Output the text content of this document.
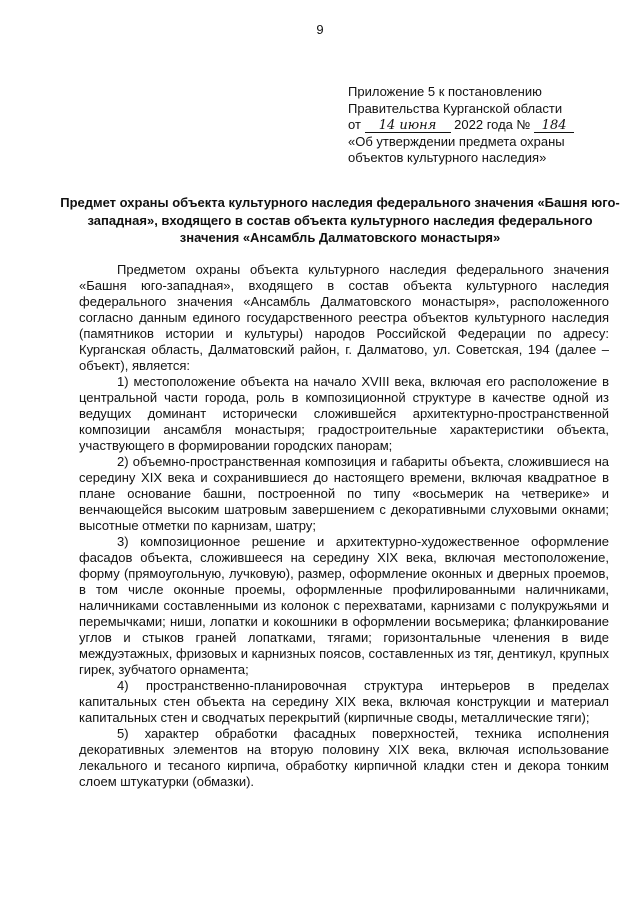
9
Приложение 5 к постановлению
Правительства Курганской области
от 14 июня 2022 года № 184
«Об утверждении предмета охраны
объектов культурного наследия»
Предмет охраны объекта культурного наследия федерального значения «Башня юго-западная», входящего в состав объекта культурного наследия федерального значения «Ансамбль Далматовского монастыря»

Предметом охраны объекта культурного наследия федерального значения «Башня юго-западная», входящего в состав объекта культурного наследия федерального значения «Ансамбль Далматовского монастыря», расположенного согласно данным единого государственного реестра объектов культурного наследия (памятников истории и культуры) народов Российской Федерации по адресу: Курганская область, Далматовский район, г. Далматово, ул. Советская, 194 (далее – объект), является:

1) местоположение объекта на начало XVIII века, включая его расположение в центральной части города, роль в композиционной структуре в качестве одной из ведущих доминант исторически сложившейся архитектурно-пространственной композиции ансамбля монастыря; градостроительные характеристики объекта, участвующего в формировании городских панорам;

2) объемно-пространственная композиция и габариты объекта, сложившиеся на середину XIX века и сохранившиеся до настоящего времени, включая квадратное в плане основание башни, построенной по типу «восьмерик на четверике» и венчающейся высоким шатровым завершением с декоративными слуховыми окнами; высотные отметки по карнизам, шатру;

3) композиционное решение и архитектурно-художественное оформление фасадов объекта, сложившееся на середину XIX века, включая местоположение, форму (прямоугольную, лучковую), размер, оформление оконных и дверных проемов, в том числе оконные проемы, оформленные профилированными наличниками, наличниками составленными из колонок с перехватами, карнизами с полукружьями и перемычками; ниши, лопатки и кокошники в оформлении восьмерика; фланкирование углов и стыков граней лопатками, тягами; горизонтальные членения в виде междуэтажных, фризовых и карнизных поясов, составленных из тяг, дентикул, крупных гирек, зубчатого орнамента;

4) пространственно-планировочная структура интерьеров в пределах капитальных стен объекта на середину XIX века, включая конструкции и материал капитальных стен и сводчатых перекрытий (кирпичные своды, металлические тяги);

5) характер обработки фасадных поверхностей, техника исполнения декоративных элементов на вторую половину XIX века, включая использование лекального и тесаного кирпича, обработку кирпичной кладки стен и декора тонким слоем штукатурки (обмазки).
